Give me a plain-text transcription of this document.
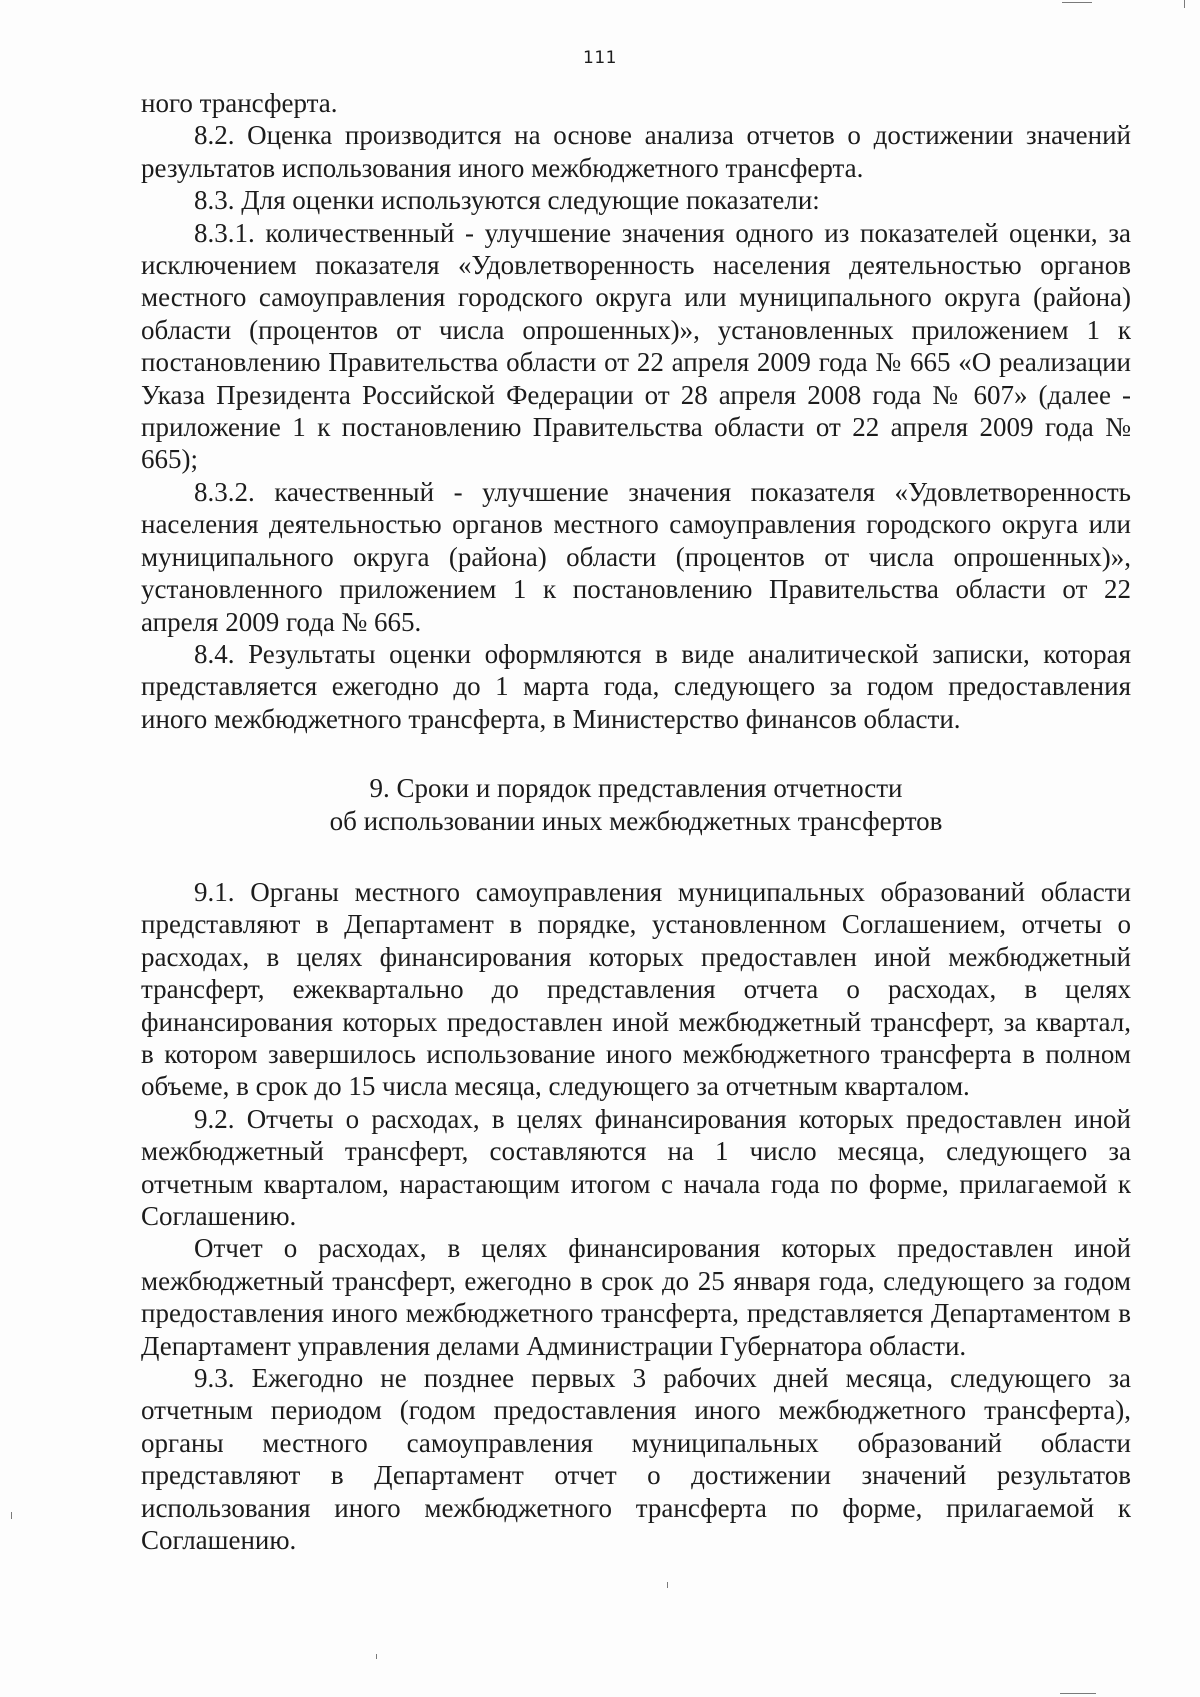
111

ного трансферта.

8.2. Оценка производится на основе анализа отчетов о достижении значений результатов использования иного межбюджетного трансферта.

8.3. Для оценки используются следующие показатели:

8.3.1. количественный - улучшение значения одного из показателей оценки, за исключением показателя «Удовлетворенность населения деятельностью органов местного самоуправления городского округа или муниципального округа (района) области (процентов от числа опрошенных)», установленных приложением 1 к постановлению Правительства области от 22 апреля 2009 года № 665 «О реализации Указа Президента Российской Федерации от 28 апреля 2008 года № 607» (далее - приложение 1 к постановлению Правительства области от 22 апреля 2009 года № 665);

8.3.2. качественный - улучшение значения показателя «Удовлетворенность населения деятельностью органов местного самоуправления городского округа или муниципального округа (района) области (процентов от числа опрошенных)», установленного приложением 1 к постановлению Правительства области от 22 апреля 2009 года № 665.

8.4. Результаты оценки оформляются в виде аналитической записки, которая представляется ежегодно до 1 марта года, следующего за годом предоставления иного межбюджетного трансферта, в Министерство финансов области.

9. Сроки и порядок представления отчетности
об использовании иных межбюджетных трансфертов

9.1. Органы местного самоуправления муниципальных образований области представляют в Департамент в порядке, установленном Соглашением, отчеты о расходах, в целях финансирования которых предоставлен иной межбюджетный трансферт, ежеквартально до представления отчета о расходах, в целях финансирования которых предоставлен иной межбюджетный трансферт, за квартал, в котором завершилось использование иного межбюджетного трансферта в полном объеме, в срок до 15 числа месяца, следующего за отчетным кварталом.

9.2. Отчеты о расходах, в целях финансирования которых предоставлен иной межбюджетный трансферт, составляются на 1 число месяца, следующего за отчетным кварталом, нарастающим итогом с начала года по форме, прилагаемой к Соглашению.

Отчет о расходах, в целях финансирования которых предоставлен иной межбюджетный трансферт, ежегодно в срок до 25 января года, следующего за годом предоставления иного межбюджетного трансферта, представляется Департаментом в Департамент управления делами Администрации Губернатора области.

9.3. Ежегодно не позднее первых 3 рабочих дней месяца, следующего за отчетным периодом (годом предоставления иного межбюджетного трансферта), органы местного самоуправления муниципальных образований области представляют в Департамент отчет о достижении значений результатов использования иного межбюджетного трансферта по форме, прилагаемой к Соглашению.
